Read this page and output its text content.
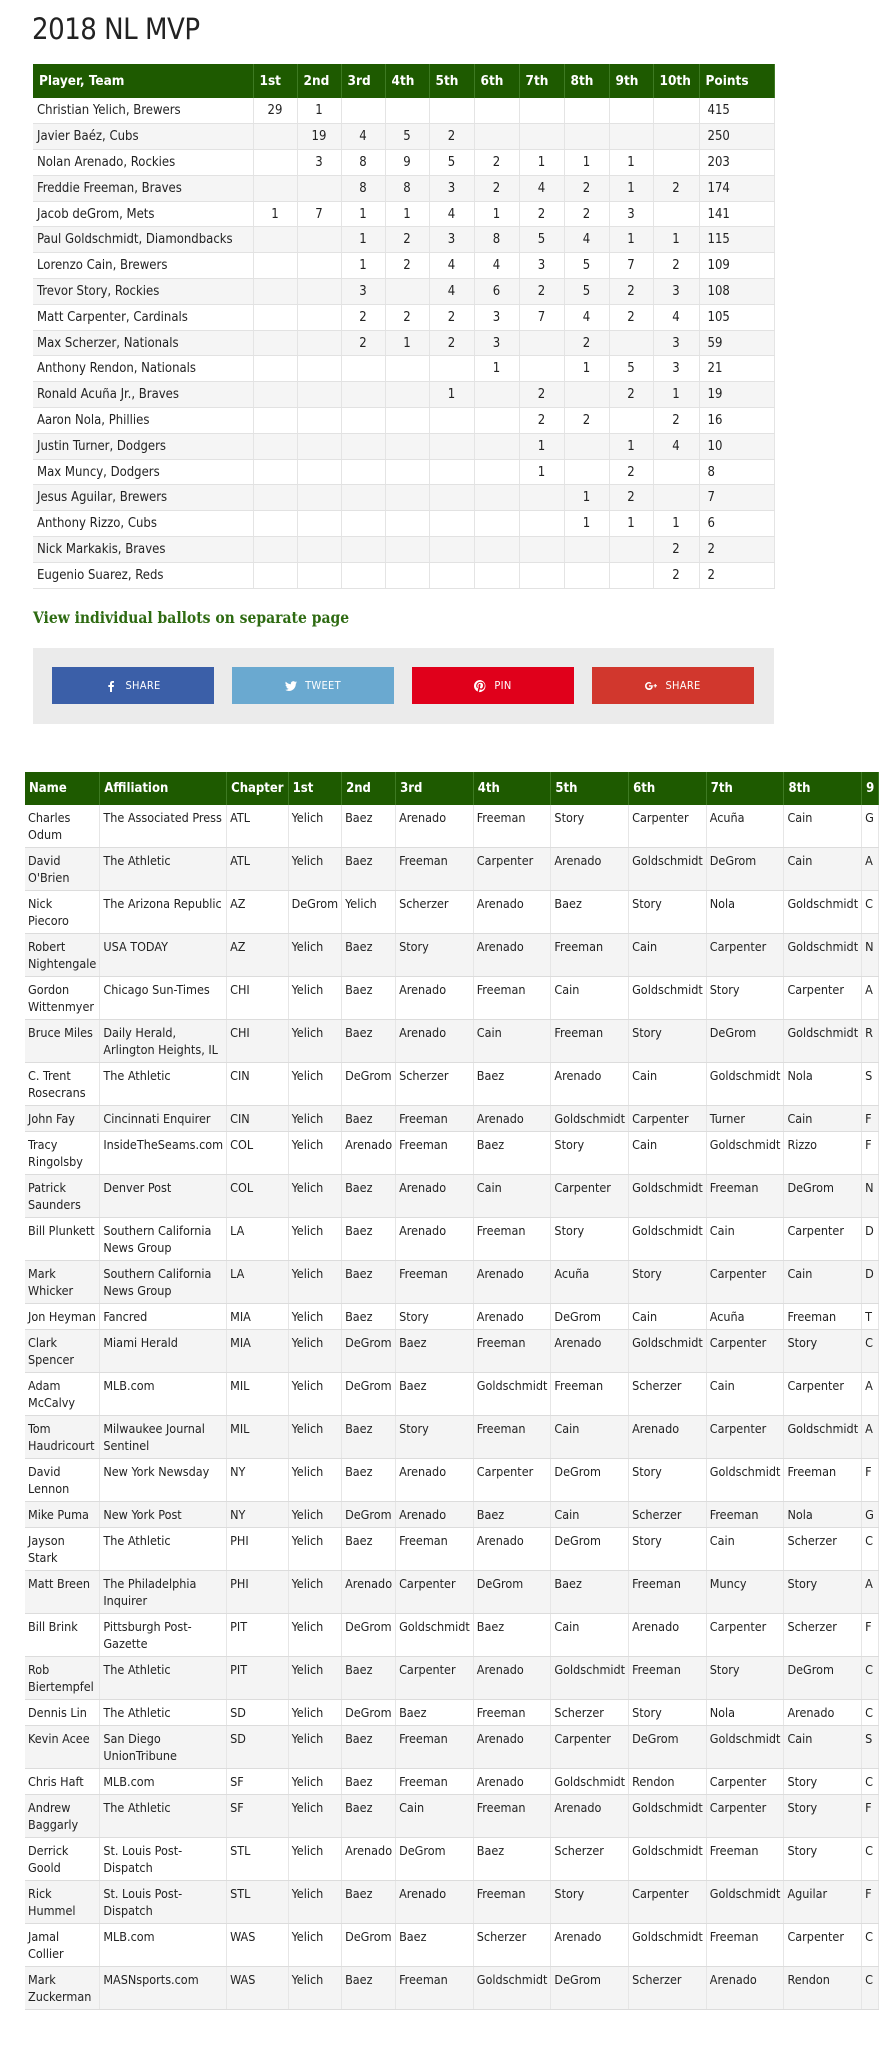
2018 NL MVP
Player, Team	1st	2nd	3rd	4th	5th	6th	7th	8th	9th	10th	Points
Christian Yelich, Brewers	29	1									415
Javier Baéz, Cubs		19	4	5	2						250
Nolan Arenado, Rockies		3	8	9	5	2	1	1	1		203
Freddie Freeman, Braves			8	8	3	2	4	2	1	2	174
Jacob deGrom, Mets	1	7	1	1	4	1	2	2	3		141
Paul Goldschmidt, Diamondbacks			1	2	3	8	5	4	1	1	115
Lorenzo Cain, Brewers			1	2	4	4	3	5	7	2	109
Trevor Story, Rockies			3		4	6	2	5	2	3	108
Matt Carpenter, Cardinals			2	2	2	3	7	4	2	4	105
Max Scherzer, Nationals			2	1	2	3		2		3	59
Anthony Rendon, Nationals						1		1	5	3	21
Ronald Acuña Jr., Braves					1		2		2	1	19
Aaron Nola, Phillies							2	2		2	16
Justin Turner, Dodgers							1		1	4	10
Max Muncy, Dodgers							1		2		8
Jesus Aguilar, Brewers								1	2		7
Anthony Rizzo, Cubs								1	1	1	6
Nick Markakis, Braves										2	2
Eugenio Suarez, Reds										2	2
View individual ballots on separate page
SHARE	TWEET	PIN	SHARE
Name	Affiliation	Chapter	1st	2nd	3rd	4th	5th	6th	7th	8th	9
Charles Odum	The Associated Press	ATL	Yelich	Baez	Arenado	Freeman	Story	Carpenter	Acuña	Cain	G
David O'Brien	The Athletic	ATL	Yelich	Baez	Freeman	Carpenter	Arenado	Goldschmidt	DeGrom	Cain	A
Nick Piecoro	The Arizona Republic	AZ	DeGrom	Yelich	Scherzer	Arenado	Baez	Story	Nola	Goldschmidt	C
Robert Nightengale	USA TODAY	AZ	Yelich	Baez	Story	Arenado	Freeman	Cain	Carpenter	Goldschmidt	N
Gordon Wittenmyer	Chicago Sun-Times	CHI	Yelich	Baez	Arenado	Freeman	Cain	Goldschmidt	Story	Carpenter	A
Bruce Miles	Daily Herald, Arlington Heights, IL	CHI	Yelich	Baez	Arenado	Cain	Freeman	Story	DeGrom	Goldschmidt	R
C. Trent Rosecrans	The Athletic	CIN	Yelich	DeGrom	Scherzer	Baez	Arenado	Cain	Goldschmidt	Nola	S
John Fay	Cincinnati Enquirer	CIN	Yelich	Baez	Freeman	Arenado	Goldschmidt	Carpenter	Turner	Cain	F
Tracy Ringolsby	InsideTheSeams.com	COL	Yelich	Arenado	Freeman	Baez	Story	Cain	Goldschmidt	Rizzo	F
Patrick Saunders	Denver Post	COL	Yelich	Baez	Arenado	Cain	Carpenter	Goldschmidt	Freeman	DeGrom	N
Bill Plunkett	Southern California News Group	LA	Yelich	Baez	Arenado	Freeman	Story	Goldschmidt	Cain	Carpenter	D
Mark Whicker	Southern California News Group	LA	Yelich	Baez	Freeman	Arenado	Acuña	Story	Carpenter	Cain	D
Jon Heyman	Fancred	MIA	Yelich	Baez	Story	Arenado	DeGrom	Cain	Acuña	Freeman	T
Clark Spencer	Miami Herald	MIA	Yelich	DeGrom	Baez	Freeman	Arenado	Goldschmidt	Carpenter	Story	C
Adam McCalvy	MLB.com	MIL	Yelich	DeGrom	Baez	Goldschmidt	Freeman	Scherzer	Cain	Carpenter	A
Tom Haudricourt	Milwaukee Journal Sentinel	MIL	Yelich	Baez	Story	Freeman	Cain	Arenado	Carpenter	Goldschmidt	A
David Lennon	New York Newsday	NY	Yelich	Baez	Arenado	Carpenter	DeGrom	Story	Goldschmidt	Freeman	F
Mike Puma	New York Post	NY	Yelich	DeGrom	Arenado	Baez	Cain	Scherzer	Freeman	Nola	G
Jayson Stark	The Athletic	PHI	Yelich	Baez	Freeman	Arenado	DeGrom	Story	Cain	Scherzer	C
Matt Breen	The Philadelphia Inquirer	PHI	Yelich	Arenado	Carpenter	DeGrom	Baez	Freeman	Muncy	Story	A
Bill Brink	Pittsburgh Post-Gazette	PIT	Yelich	DeGrom	Goldschmidt	Baez	Cain	Arenado	Carpenter	Scherzer	F
Rob Biertempfel	The Athletic	PIT	Yelich	Baez	Carpenter	Arenado	Goldschmidt	Freeman	Story	DeGrom	C
Dennis Lin	The Athletic	SD	Yelich	DeGrom	Baez	Freeman	Scherzer	Story	Nola	Arenado	C
Kevin Acee	San Diego UnionTribune	SD	Yelich	Baez	Freeman	Arenado	Carpenter	DeGrom	Goldschmidt	Cain	S
Chris Haft	MLB.com	SF	Yelich	Baez	Freeman	Arenado	Goldschmidt	Rendon	Carpenter	Story	C
Andrew Baggarly	The Athletic	SF	Yelich	Baez	Cain	Freeman	Arenado	Goldschmidt	Carpenter	Story	F
Derrick Goold	St. Louis Post-Dispatch	STL	Yelich	Arenado	DeGrom	Baez	Scherzer	Goldschmidt	Freeman	Story	C
Rick Hummel	St. Louis Post-Dispatch	STL	Yelich	Baez	Arenado	Freeman	Story	Carpenter	Goldschmidt	Aguilar	F
Jamal Collier	MLB.com	WAS	Yelich	DeGrom	Baez	Scherzer	Arenado	Goldschmidt	Freeman	Carpenter	C
Mark Zuckerman	MASNsports.com	WAS	Yelich	Baez	Freeman	Goldschmidt	DeGrom	Scherzer	Arenado	Rendon	C
